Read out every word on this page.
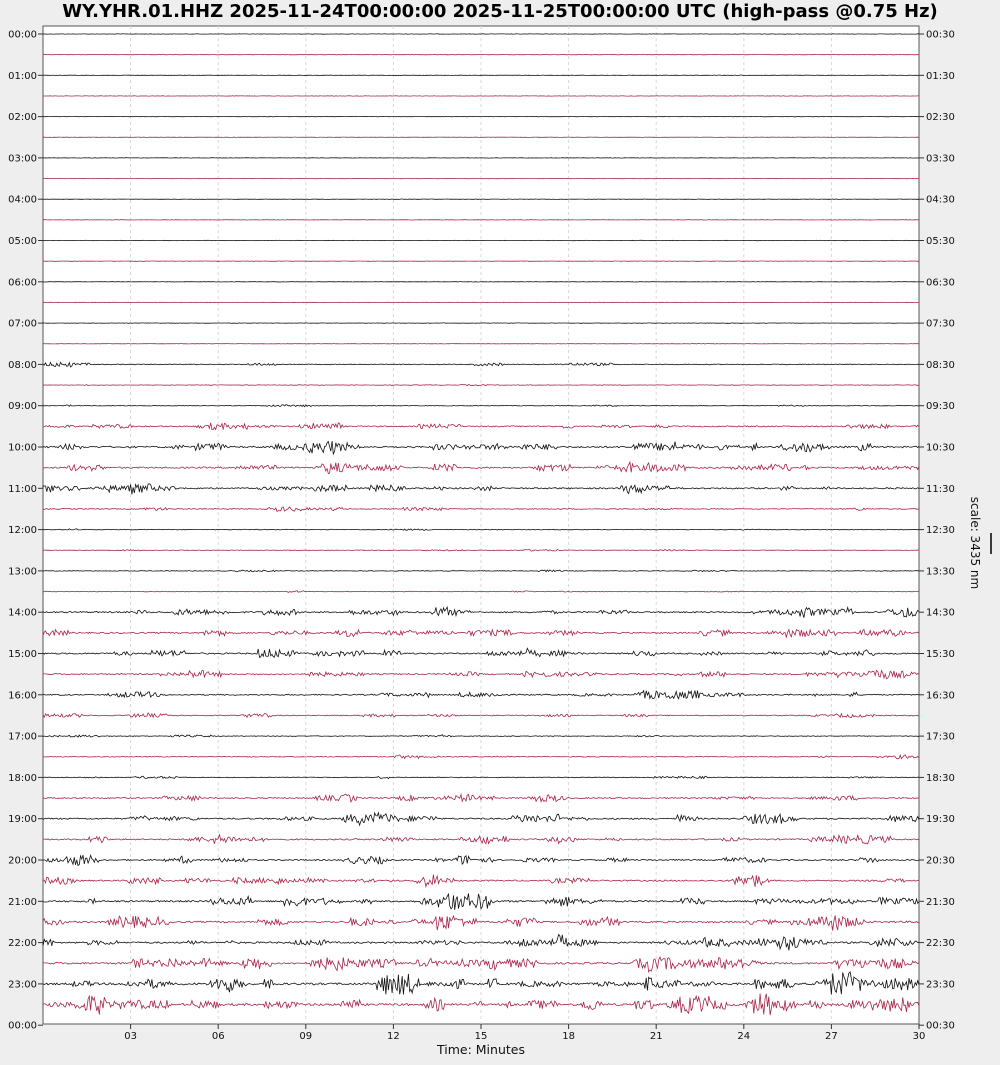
WY.YHR.01.HHZ 2025-11-24T00:00:00 2025-11-25T00:00:00 UTC (high-pass @0.75 Hz)
00:00
01:00
02:00
03:00
04:00
05:00
06:00
07:00
08:00
09:00
10:00
11:00
12:00
13:00
14:00
15:00
16:00
17:00
18:00
19:00
20:00
21:00
22:00
23:00
00:00
00:30
01:30
02:30
03:30
04:30
05:30
06:30
07:30
08:30
09:30
10:30
11:30
12:30
13:30
14:30
15:30
16:30
17:30
18:30
19:30
20:30
21:30
22:30
23:30
00:30
03	06	09	12	15	18	21	24	27	30
Time: Minutes
scale: 3435 nm
